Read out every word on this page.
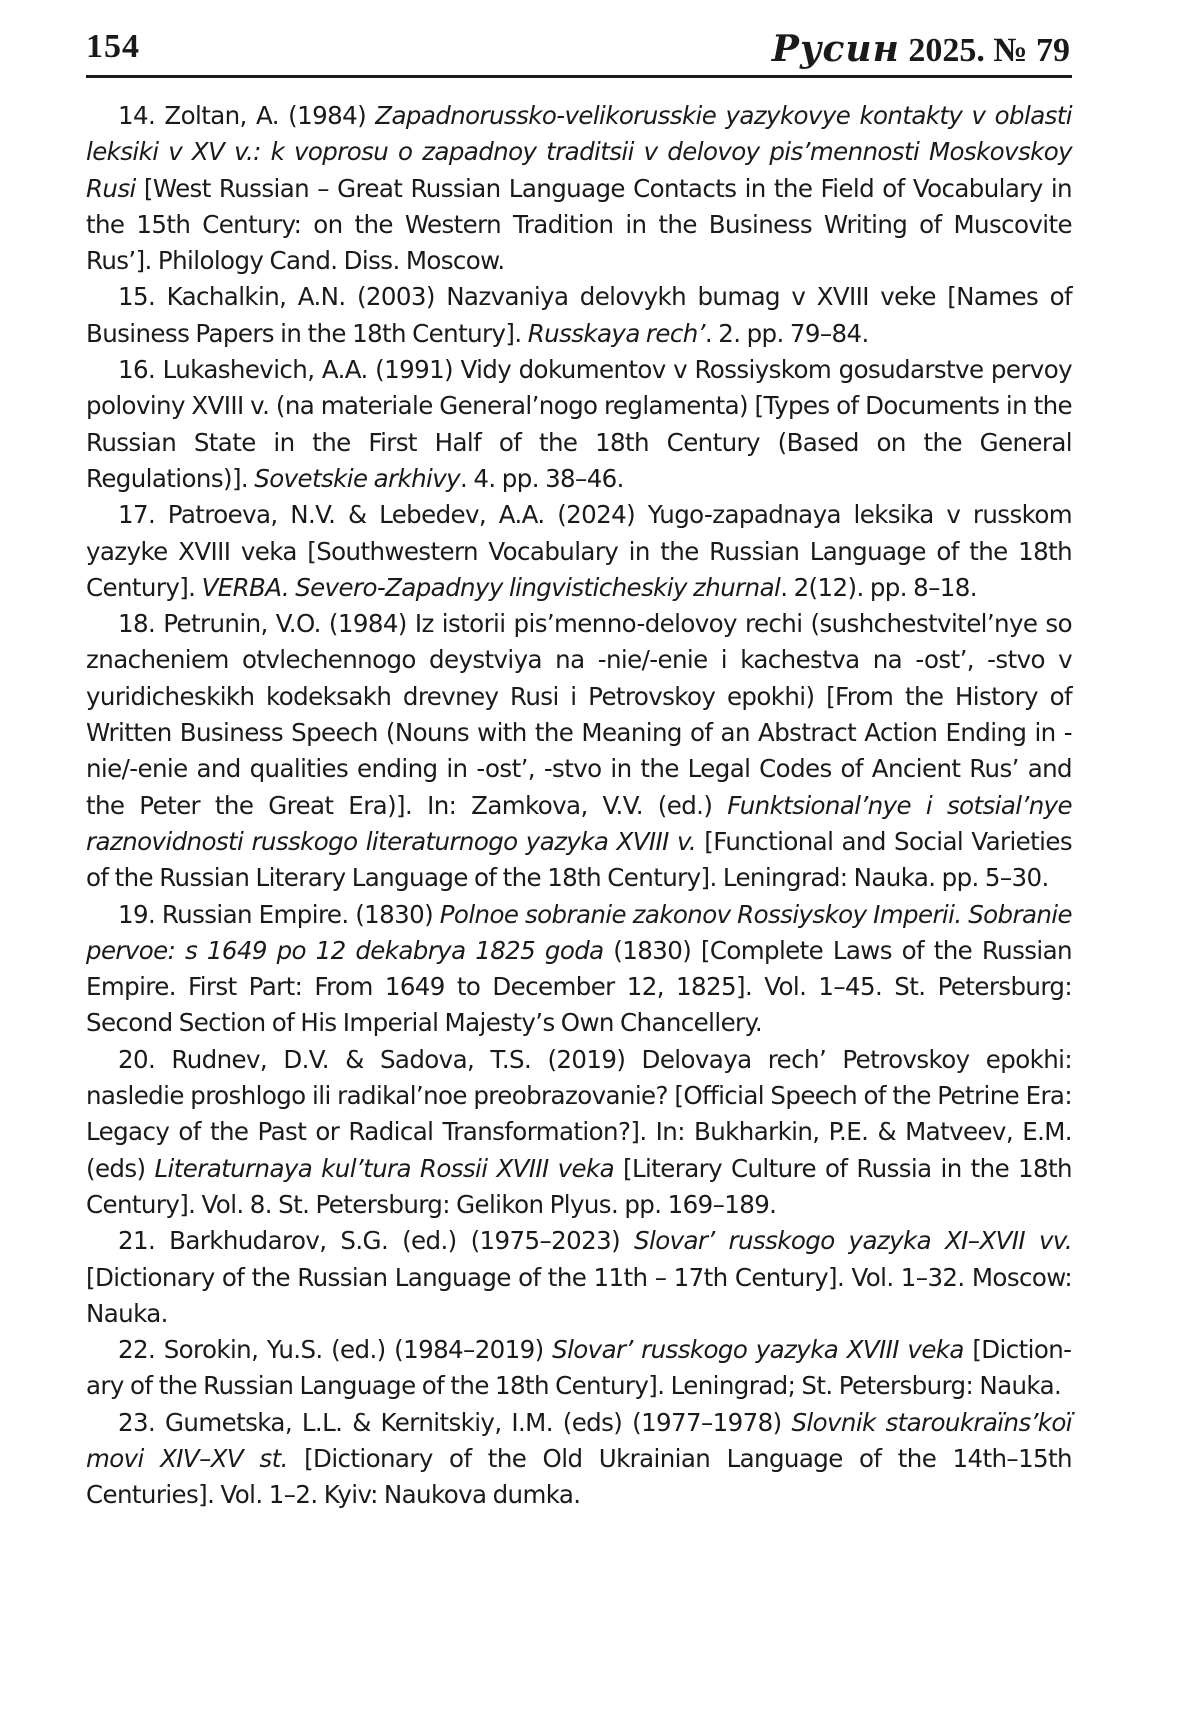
154	Русин 2025. № 79

14. Zoltan, A. (1984) Zapadnorussko-velikorusskie yazykovye kontakty v oblasti leksiki v XV v.: k voprosu o zapadnoy traditsii v delovoy pis’mennosti Moskovskoy Rusi [West Russian – Great Russian Language Contacts in the Field of Vocabulary in the 15th Century: on the Western Tradition in the Business Writing of Muscovite Rus’]. Philology Cand. Diss. Moscow.

15. Kachalkin, A.N. (2003) Nazvaniya delovykh bumag v XVIII veke [Names of Business Papers in the 18th Century]. Russkaya rech’. 2. pp. 79–84.

16. Lukashevich, A.A. (1991) Vidy dokumentov v Rossiyskom gosudarstve pervoy poloviny XVIII v. (na materiale General’nogo reglamenta) [Types of Documents in the Russian State in the First Half of the 18th Century (Based on the General Regulations)]. Sovetskie arkhivy. 4. pp. 38–46.

17. Patroeva, N.V. & Lebedev, A.A. (2024) Yugo-zapadnaya leksika v russkom yazyke XVIII veka [Southwestern Vocabulary in the Russian Language of the 18th Century]. VERBA. Severo-Zapadnyy lingvisticheskiy zhurnal. 2(12). pp. 8–18.

18. Petrunin, V.O. (1984) Iz istorii pis’menno-delovoy rechi (sushchestvitel’nye so znacheniem otvlechennogo deystviya na -nie/-enie i kachestva na -ost’, -stvo v yuridicheskikh kodeksakh drevney Rusi i Petrovskoy epokhi) [From the History of Written Business Speech (Nouns with the Meaning of an Abstract Action Ending in -nie/-enie and qualities ending in -ost’, -stvo in the Legal Codes of Ancient Rus’ and the Peter the Great Era)]. In: Zamkova, V.V. (ed.) Funktsional’nye i sotsial’nye raznovidnosti russkogo literaturnogo yazyka XVIII v. [Functional and Social Varieties of the Russian Literary Language of the 18th Century]. Leningrad: Nauka. pp. 5–30.

19. Russian Empire. (1830) Polnoe sobranie zakonov Rossiyskoy Imperii. Sobranie pervoe: s 1649 po 12 dekabrya 1825 goda (1830) [Complete Laws of the Russian Empire. First Part: From 1649 to December 12, 1825]. Vol. 1–45. St. Petersburg: Second Section of His Imperial Majesty’s Own Chancellery.

20. Rudnev, D.V. & Sadova, T.S. (2019) Delovaya rech’ Petrovskoy epokhi: nasledie proshlogo ili radikal’noe preobrazovanie? [Official Speech of the Petrine Era: Legacy of the Past or Radical Transformation?]. In: Bukharkin, P.E. & Matveev, E.M. (eds) Literaturnaya kul’tura Rossii XVIII veka [Literary Culture of Russia in the 18th Century]. Vol. 8. St. Petersburg: Gelikon Plyus. pp. 169–189.

21. Barkhudarov, S.G. (ed.) (1975–2023) Slovar’ russkogo yazyka XI–XVII vv. [Dictionary of the Russian Language of the 11th – 17th Century]. Vol. 1–32. Moscow: Nauka.

22. Sorokin, Yu.S. (ed.) (1984–2019) Slovar’ russkogo yazyka XVIII veka [Dictionary of the Russian Language of the 18th Century]. Leningrad; St. Petersburg: Nauka.

23. Gumetska, L.L. & Kernitskiy, I.M. (eds) (1977–1978) Slovnik staroukraïns’koï movi XIV–XV st. [Dictionary of the Old Ukrainian Language of the 14th–15th Centuries]. Vol. 1–2. Kyiv: Naukova dumka.
